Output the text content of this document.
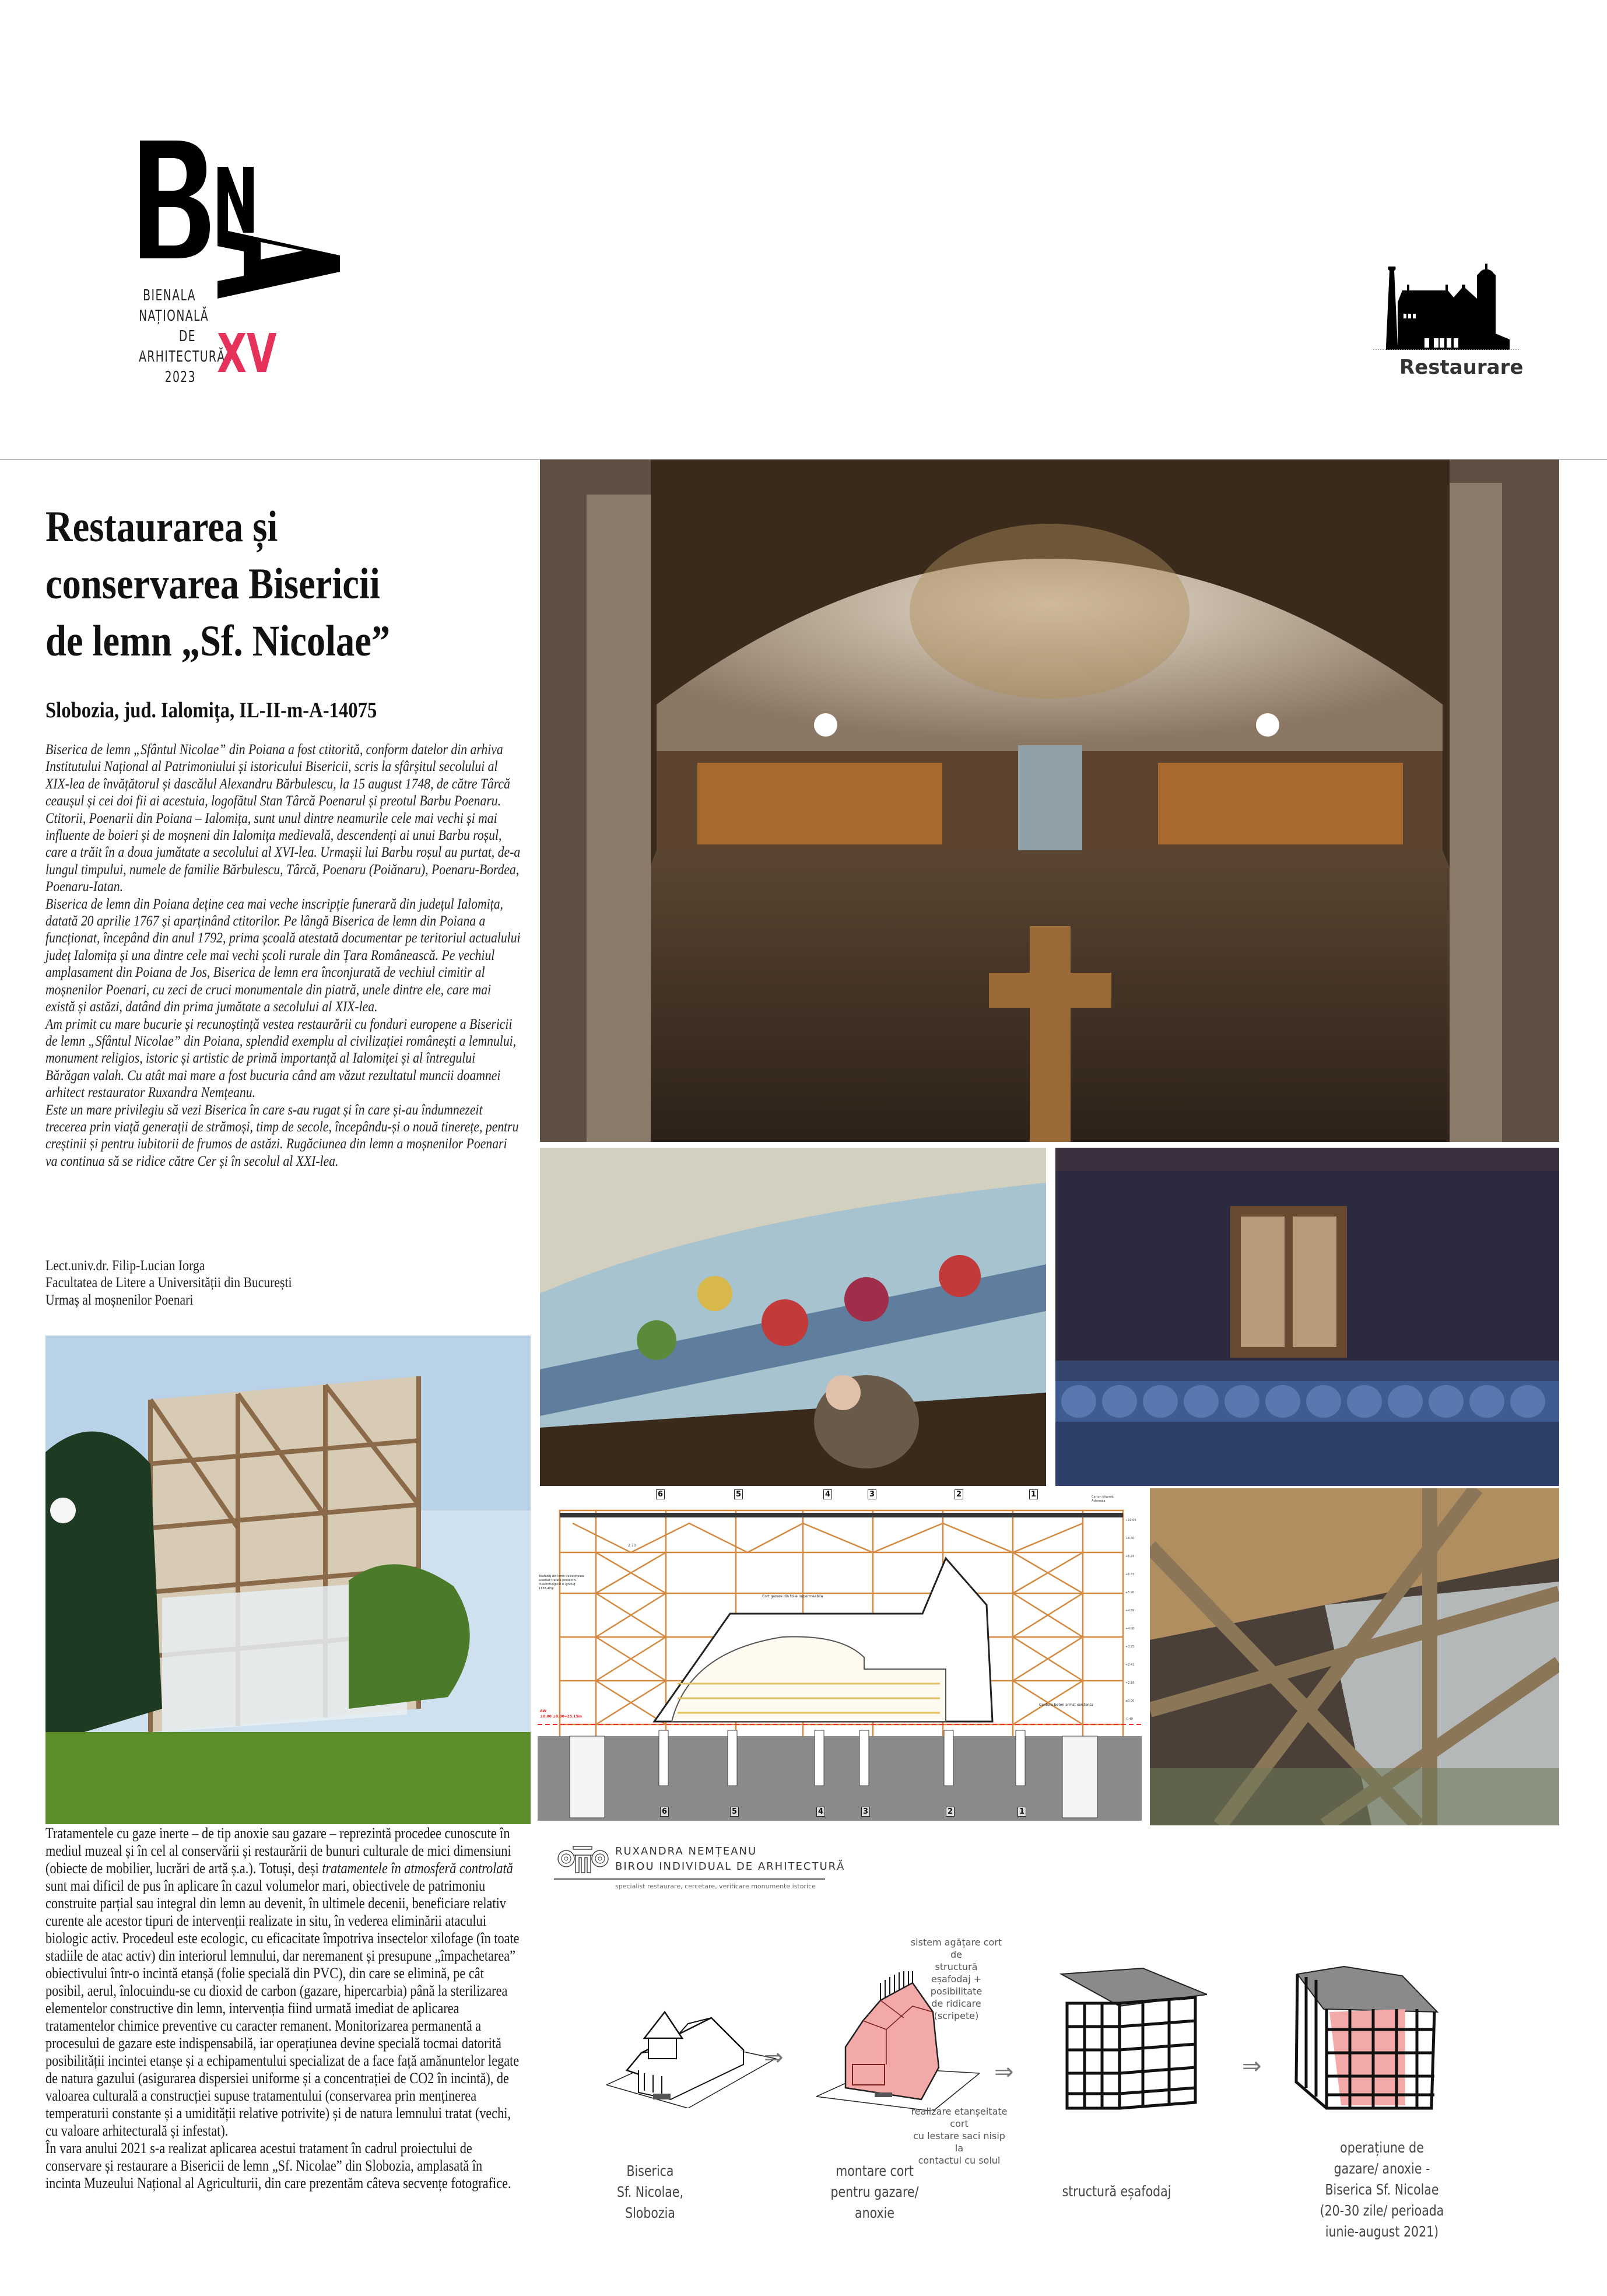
BIENALA
NAȚIONALĂ
DE
ARHITECTURĂ
2023 XV	Restaurare
Restaurarea și
conservarea Bisericii
de lemn „Sf. Nicolae”
Slobozia, jud. Ialomița, IL-II-m-A-14075

Biserica de lemn „Sfântul Nicolae” din Poiana a fost ctitorită, conform datelor din arhiva Institutului Național al Patrimoniului și istoricului Bisericii, scris la sfârșitul secolului al XIX-lea de învățătorul și dascălul Alexandru Bărbulescu, la 15 august 1748, de către Târcă ceaușul și cei doi fii ai acestuia, logofătul Stan Târcă Poenarul și preotul Barbu Poenaru.

Ctitorii, Poenarii din Poiana – Ialomița, sunt unul dintre neamurile cele mai vechi și mai influente de boieri și de moșneni din Ialomița medievală, descendenți ai unui Barbu roșul, care a trăit în a doua jumătate a secolului al XVI-lea. Urmașii lui Barbu roșul au purtat, de-a lungul timpului, numele de familie Bărbulescu, Târcă, Poenaru (Poiănaru), Poenaru-Bordea, Poenaru-Iatan.

Biserica de lemn din Poiana deține cea mai veche inscripție funerară din județul Ialomița, datată 20 aprilie 1767 și aparținând ctitorilor. Pe lângă Biserica de lemn din Poiana a funcționat, începând din anul 1792, prima școală atestată documentar pe teritoriul actualului județ Ialomița și una dintre cele mai vechi școli rurale din Țara Românească. Pe vechiul amplasament din Poiana de Jos, Biserica de lemn era înconjurată de vechiul cimitir al moșnenilor Poenari, cu zeci de cruci monumentale din piatră, unele dintre ele, care mai există și astăzi, datând din prima jumătate a secolului al XIX-lea.

Am primit cu mare bucurie și recunoștință vestea restaurării cu fonduri europene a Bisericii de lemn „Sfântul Nicolae” din Poiana, splendid exemplu al civilizației românești a lemnului, monument religios, istoric și artistic de primă importanță al Ialomiței și al întregului Bărăgan valah. Cu atât mai mare a fost bucuria când am văzut rezultatul muncii doamnei arhitect restaurator Ruxandra Nemțeanu.

Este un mare privilegiu să vezi Biserica în care s-au rugat și în care și-au îndumnezeit trecerea prin viață generații de strămoși, timp de secole, începându-și o nouă tinerețe, pentru creștinii și pentru iubitorii de frumos de astăzi. Rugăciunea din lemn a moșnenilor Poenari va continua să se ridice către Cer și în secolul al XXI-lea.

Lect.univ.dr. Filip-Lucian Iorga
Facultatea de Litere a Universității din București
Urmaș al moșnenilor Poenari
6	5	4	3	2	1	Carton bitumat
Astereala
Esafodaj din lemn de rasinoase
ecarisat tratata preventiv
insectofungicid si ignifug
1138.4mp
Cort gazare din folie impermeabila
Centura beton armat existenta
AW
±0.00 ±0.00=25.15m
2.70
+10.06
+8.40
+6.74
+6.33
+5.90
+4.89
+4.08
+3.75
+2.41
+2.18
±0.00
-0.40
6	5	4	3	2	1
RUXANDRA NEMȚEANU
BIROU INDIVIDUAL DE ARHITECTURĂ
specialist restaurare, cercetare, verificare monumente istorice
⇒
sistem agățare cort de
structură
eșafodaj + posibilitate
de ridicare
(scripete)
realizare etanșeitate cort
cu lestare saci nisip la
contactul cu solul
⇒	⇒
Biserica
Sf. Nicolae,
Slobozia
montare cort
pentru gazare/
anoxie
structură eșafodaj
operațiune de
gazare/ anoxie -
Biserica Sf. Nicolae
(20-30 zile/ perioada
iunie-august 2021)

Tratamentele cu gaze inerte – de tip anoxie sau gazare – reprezintă procedee cunoscute în mediul muzeal și în cel al conservării și restaurării de bunuri culturale de mici dimensiuni (obiecte de mobilier, lucrări de artă ș.a.). Totuși, deși tratamentele în atmosferă controlată sunt mai dificil de pus în aplicare în cazul volumelor mari, obiectivele de patrimoniu construite parțial sau integral din lemn au devenit, în ultimele decenii, beneficiare relativ curente ale acestor tipuri de intervenții realizate in situ, în vederea eliminării atacului biologic activ. Procedeul este ecologic, cu eficacitate împotriva insectelor xilofage (în toate stadiile de atac activ) din interiorul lemnului, dar neremanent și presupune „împachetarea” obiectivului într-o incintă etanșă (folie specială din PVC), din care se elimină, pe cât posibil, aerul, înlocuindu-se cu dioxid de carbon (gazare, hipercarbia) până la sterilizarea elementelor constructive din lemn, intervenția fiind urmată imediat de aplicarea tratamentelor chimice preventive cu caracter remanent. Monitorizarea permanentă a procesului de gazare este indispensabilă, iar operațiunea devine specială tocmai datorită posibilității incintei etanșe și a echipamentului specializat de a face față amănuntelor legate de natura gazului (asigurarea dispersiei uniforme și a concentrației de CO2 în incintă), de valoarea culturală a construcției supuse tratamentului (conservarea prin menținerea temperaturii constante și a umidității relative potrivite) și de natura lemnului tratat (vechi, cu valoare arhitecturală și infestat).

În vara anului 2021 s-a realizat aplicarea acestui tratament în cadrul proiectului de conservare și restaurare a Bisericii de lemn „Sf. Nicolae” din Slobozia, amplasată în incinta Muzeului Național al Agriculturii, din care prezentăm câteva secvențe fotografice.
